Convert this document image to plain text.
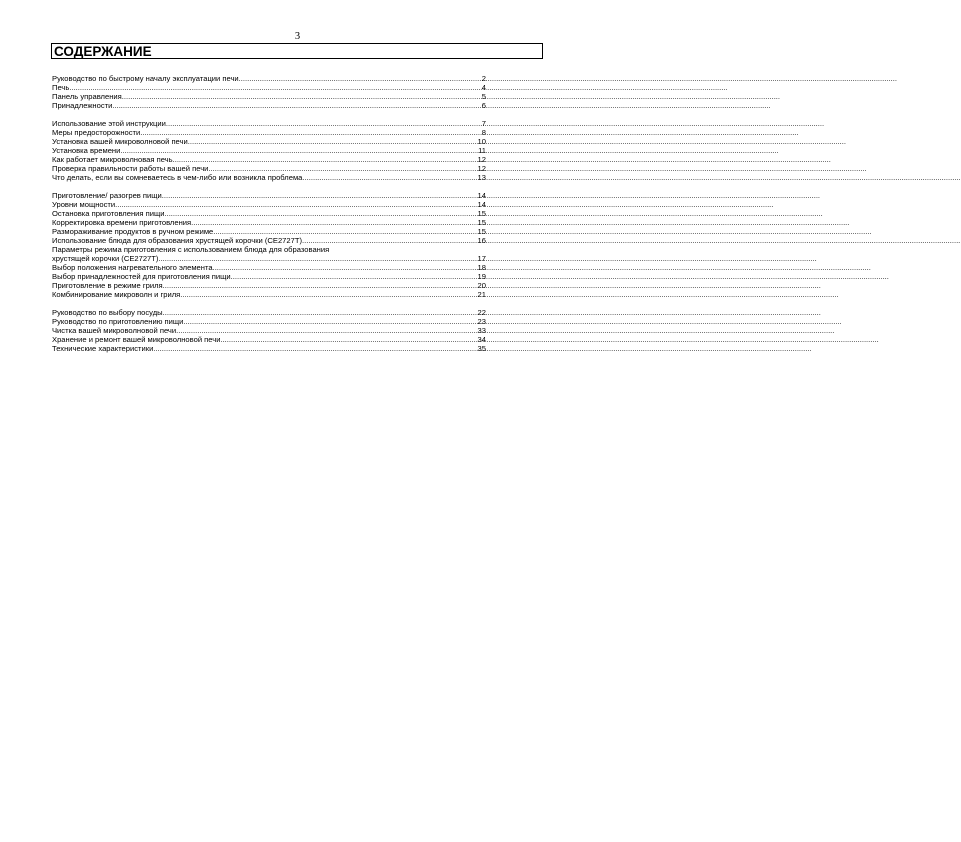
3
СОДЕРЖАНИЕ
Руководство по быстрому началу эксплуатации печи .....	2
Печь .....	4
Панель управления .....	5
Принадлежности .....	6
Использование этой инструкции .....	7
Меры предосторожности .....	8
Установка вашей микроволновой печи .....	10
Установка времени .....	11
Как работает микроволновая печь .....	12
Проверка правильности работы вашей печи .....	12
Что делать, если вы сомневаетесь в чем-либо или возникла проблема .....	13
Приготовление/ разогрев пищи .....	14
Уровни мощности .....	14
Остановка приготовления пищи .....	15
Корректировка времени приготовления .....	15
Размораживание продуктов в ручном режиме .....	15
Использование блюда для образования хрустящей корочки (CE2727T) .....	16
Параметры режима приготовления с использованием блюда для образования
хрустящей корочки (CE2727T) .....	17
Выбор положения нагревательного элемента .....	18
Выбор принадлежностей для приготовления пищи .....	19
Приготовление в режиме гриля .....	20
Комбинирование микроволн и гриля .....	21
Руководство по выбору посуды .....	22
Руководство по приготовлению пищи .....	23
Чистка вашей микроволновой печи .....	33
Хранение и ремонт вашей микроволновой печи .....	34
Технические характеристики .....	35
